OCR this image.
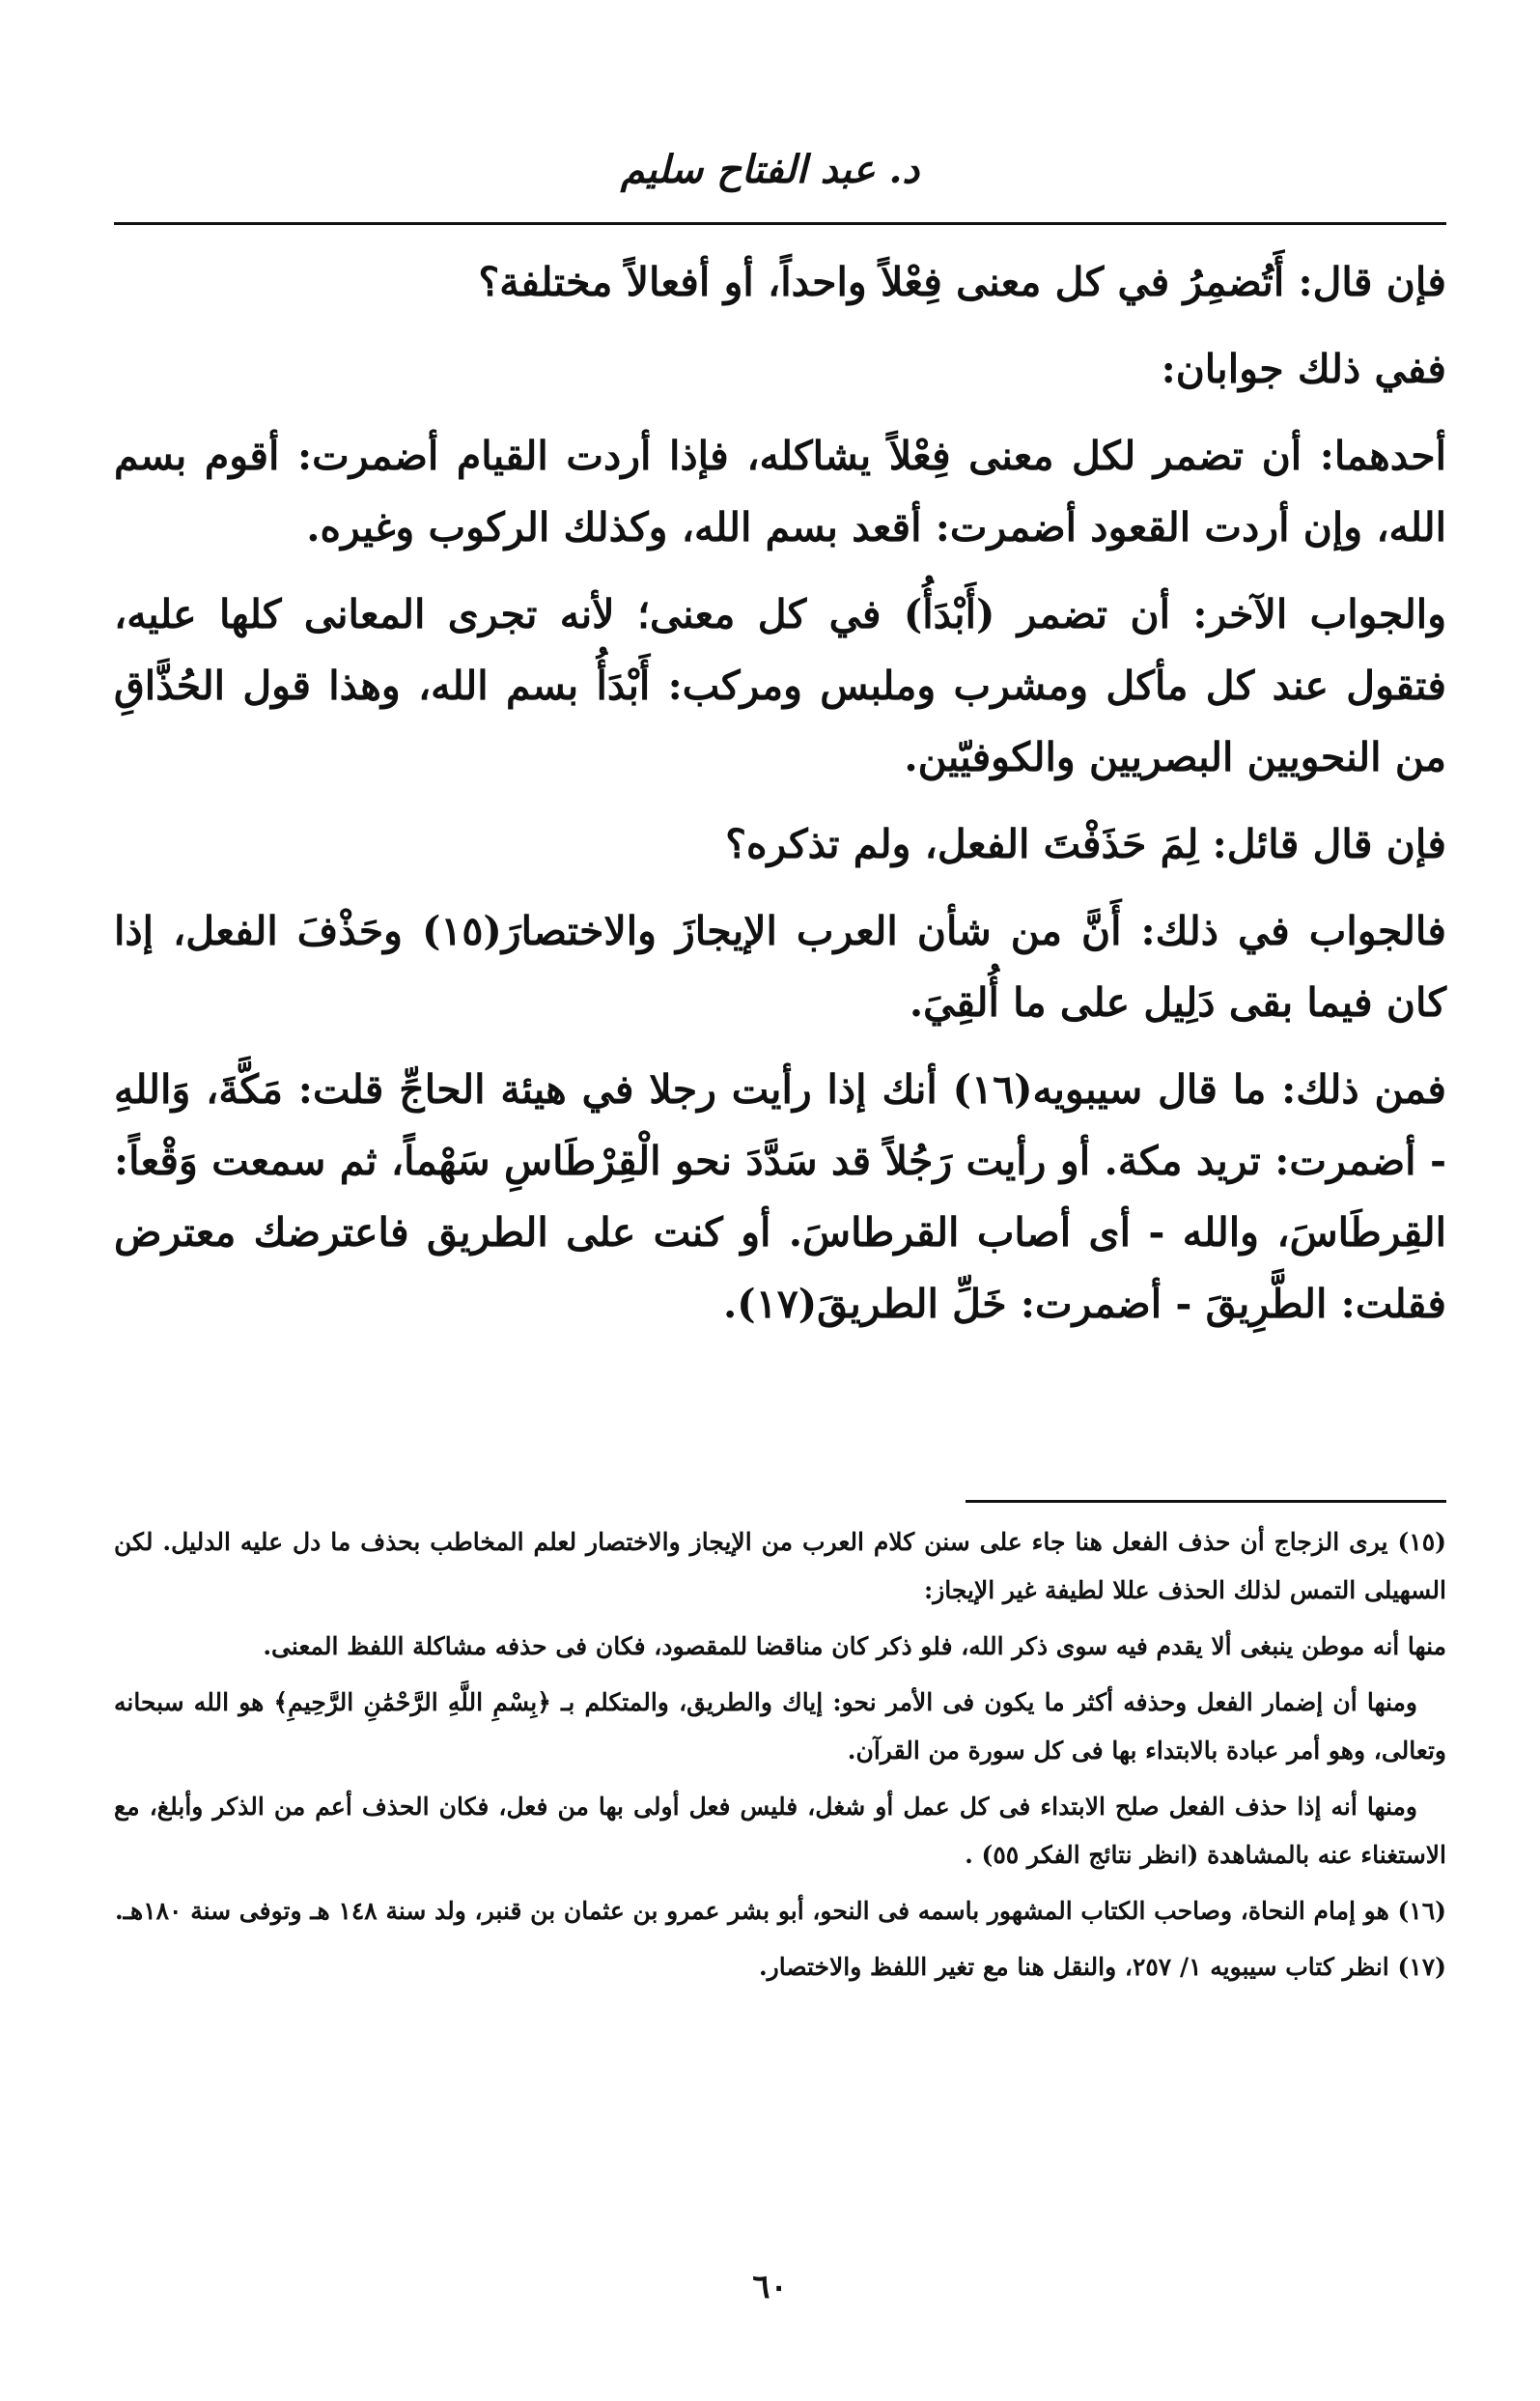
د. عبد الفتاح سليم

فإن قال: أَتُضمِرُ في كل معنى فِعْلاً واحداً، أو أفعالاً مختلفة؟

ففي ذلك جوابان:

أحدهما: أن تضمر لكل معنى فِعْلاً يشاكله، فإذا أردت القيام أضمرت: أقوم بسم الله، وإن أردت القعود أضمرت: أقعد بسم الله، وكذلك الركوب وغيره.

والجواب الآخر: أن تضمر (أَبْدَأُ) في كل معنى؛ لأنه تجرى المعانى كلها عليه، فتقول عند كل مأكل ومشرب وملبس ومركب: أَبْدَأُ بسم الله، وهذا قول الحُذَّاقِ من النحويين البصريين والكوفيّين.

فإن قال قائل: لِمَ حَذَفْتَ الفعل، ولم تذكره؟

فالجواب في ذلك: أَنَّ من شأن العرب الإيجازَ والاختصارَ(١٥) وحَذْفَ الفعل، إذا كان فيما بقى دَلِيل على ما أُلقِيَ.

فمن ذلك: ما قال سيبويه(١٦) أنك إذا رأيت رجلا في هيئة الحاجِّ قلت: مَكَّةَ، وَاللهِ - أضمرت: تريد مكة. أو رأيت رَجُلاً قد سَدَّدَ نحو الْقِرْطَاسِ سَهْماً، ثم سمعت وَقْعاً: القِرطَاسَ، والله - أى أصاب القرطاسَ. أو كنت على الطريق فاعترضك معترض فقلت: الطَّرِيقَ - أضمرت: خَلِّ الطريقَ(١٧).

(١٥) يرى الزجاج أن حذف الفعل هنا جاء على سنن كلام العرب من الإيجاز والاختصار لعلم المخاطب بحذف ما دل عليه الدليل. لكن السهيلى التمس لذلك الحذف عللا لطيفة غير الإيجاز:

منها أنه موطن ينبغى ألا يقدم فيه سوى ذكر الله، فلو ذكر كان مناقضا للمقصود، فكان فى حذفه مشاكلة اللفظ المعنى.

ومنها أن إضمار الفعل وحذفه أكثر ما يكون فى الأمر نحو: إياك والطريق، والمتكلم بـ ﴿بِسْمِ اللَّهِ الرَّحْمَٰنِ الرَّحِيمِ﴾ هو الله سبحانه وتعالى، وهو أمر عبادة بالابتداء بها فى كل سورة من القرآن.

ومنها أنه إذا حذف الفعل صلح الابتداء فى كل عمل أو شغل، فليس فعل أولى بها من فعل، فكان الحذف أعم من الذكر وأبلغ، مع الاستغناء عنه بالمشاهدة (انظر نتائج الفكر ٥٥) .

(١٦) هو إمام النحاة، وصاحب الكتاب المشهور باسمه فى النحو، أبو بشر عمرو بن عثمان بن قنبر، ولد سنة ١٤٨ هـ وتوفى سنة ١٨٠هـ.

(١٧) انظر كتاب سيبويه ١/ ٢٥٧، والنقل هنا مع تغير اللفظ والاختصار.

٦٠
